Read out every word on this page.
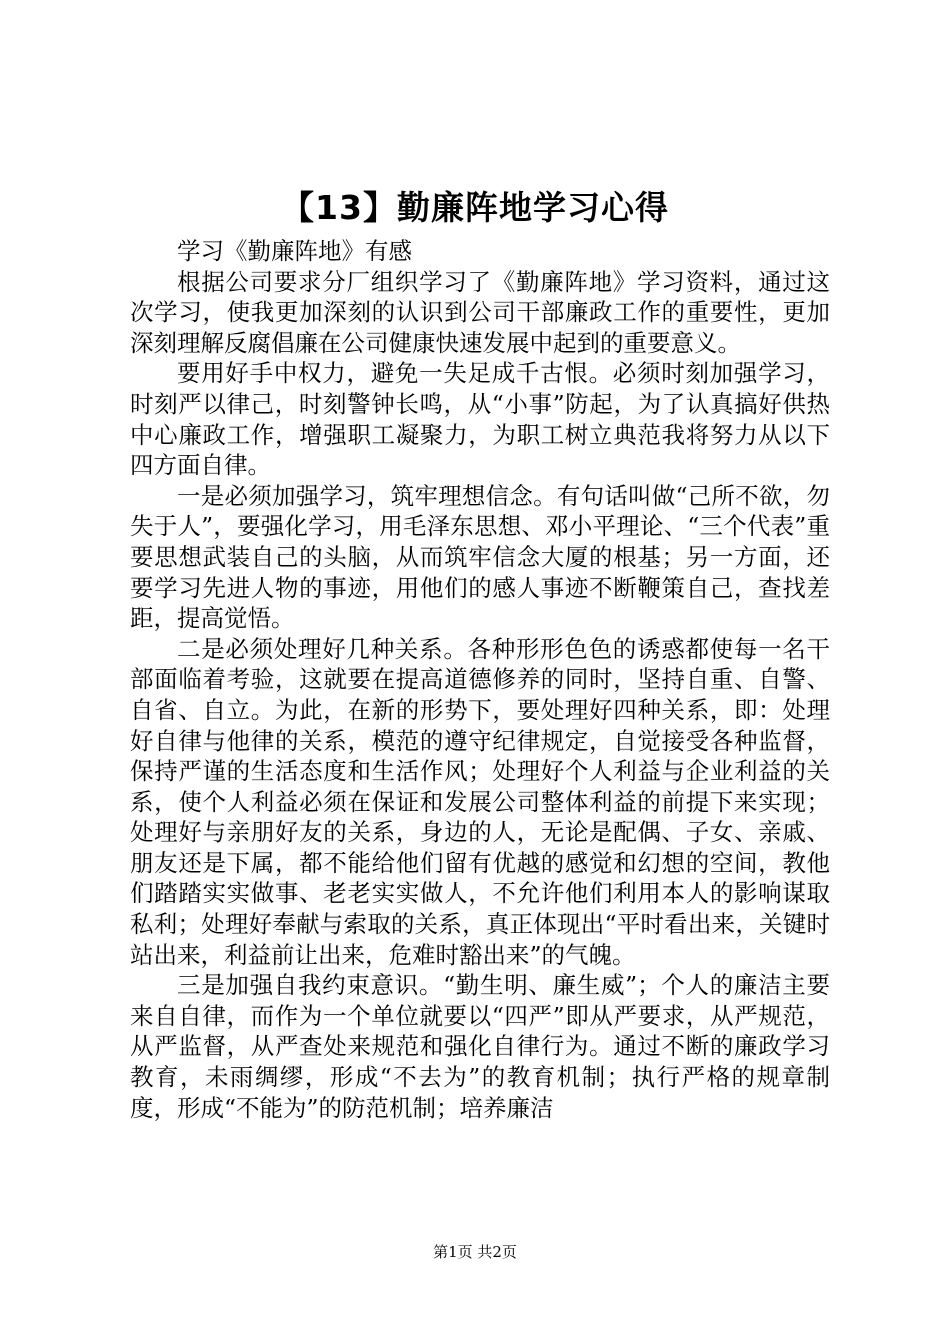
【13】勤廉阵地学习心得

学习《勤廉阵地》有感

根据公司要求分厂组织学习了《勤廉阵地》学习资料，通过这次学习，使我更加深刻的认识到公司干部廉政工作的重要性，更加深刻理解反腐倡廉在公司健康快速发展中起到的重要意义。

要用好手中权力，避免一失足成千古恨。必须时刻加强学习，时刻严以律己，时刻警钟长鸣，从“小事”防起，为了认真搞好供热中心廉政工作，增强职工凝聚力，为职工树立典范我将努力从以下四方面自律。

一是必须加强学习，筑牢理想信念。有句话叫做“己所不欲，勿失于人”，要强化学习，用毛泽东思想、邓小平理论、“三个代表”重要思想武装自己的头脑，从而筑牢信念大厦的根基；另一方面，还要学习先进人物的事迹，用他们的感人事迹不断鞭策自己，查找差距，提高觉悟。

二是必须处理好几种关系。各种形形色色的诱惑都使每一名干部面临着考验，这就要在提高道德修养的同时，坚持自重、自警、自省、自立。为此，在新的形势下，要处理好四种关系，即：处理好自律与他律的关系，模范的遵守纪律规定，自觉接受各种监督，保持严谨的生活态度和生活作风；处理好个人利益与企业利益的关系，使个人利益必须在保证和发展公司整体利益的前提下来实现；处理好与亲朋好友的关系，身边的人，无论是配偶、子女、亲戚、朋友还是下属，都不能给他们留有优越的感觉和幻想的空间，教他们踏踏实实做事、老老实实做人，不允许他们利用本人的影响谋取私利；处理好奉献与索取的关系，真正体现出“平时看出来，关键时站出来，利益前让出来，危难时豁出来”的气魄。

三是加强自我约束意识。“勤生明、廉生威”；个人的廉洁主要来自自律，而作为一个单位就要以“四严”即从严要求，从严规范，从严监督，从严查处来规范和强化自律行为。通过不断的廉政学习教育，未雨绸缪，形成“不去为”的教育机制；执行严格的规章制度，形成“不能为”的防范机制；培养廉洁

第1页 共2页
